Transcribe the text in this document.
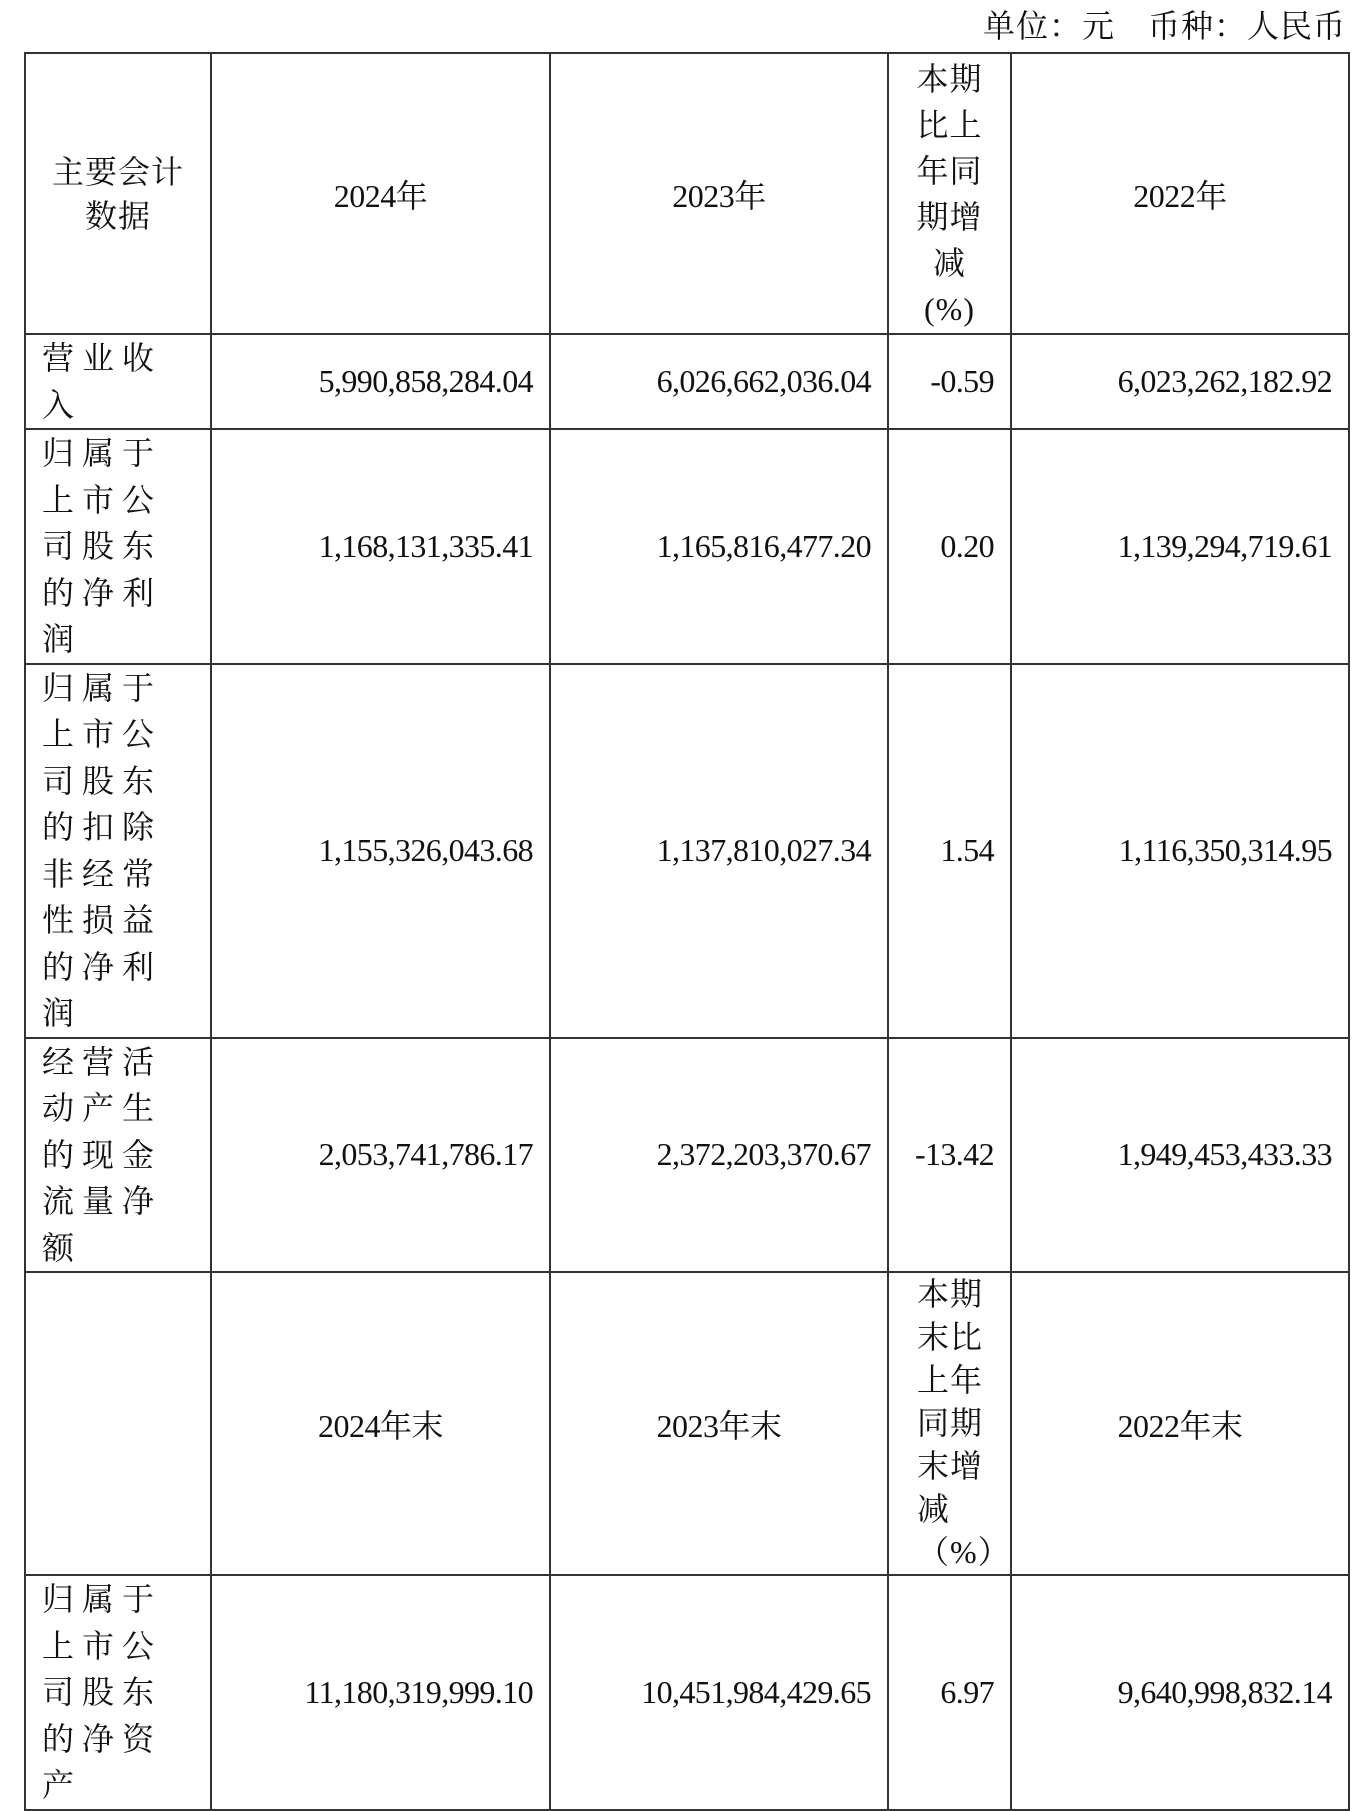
单位：元　币种：人民币
主要会计数据	2024年	2023年	本期比上年同期增减(%)	2022年
营业收入	5,990,858,284.04	6,026,662,036.04	-0.59	6,023,262,182.92
归属于上市公司股东的净利润	1,168,131,335.41	1,165,816,477.20	0.20	1,139,294,719.61
归属于上市公司股东的扣除非经常性损益的净利润	1,155,326,043.68	1,137,810,027.34	1.54	1,116,350,314.95
经营活动产生的现金流量净额	2,053,741,786.17	2,372,203,370.67	-13.42	1,949,453,433.33
	2024年末	2023年末	本期末比上年同期末增减（%）	2022年末
归属于上市公司股东的净资产	11,180,319,999.10	10,451,984,429.65	6.97	9,640,998,832.14
